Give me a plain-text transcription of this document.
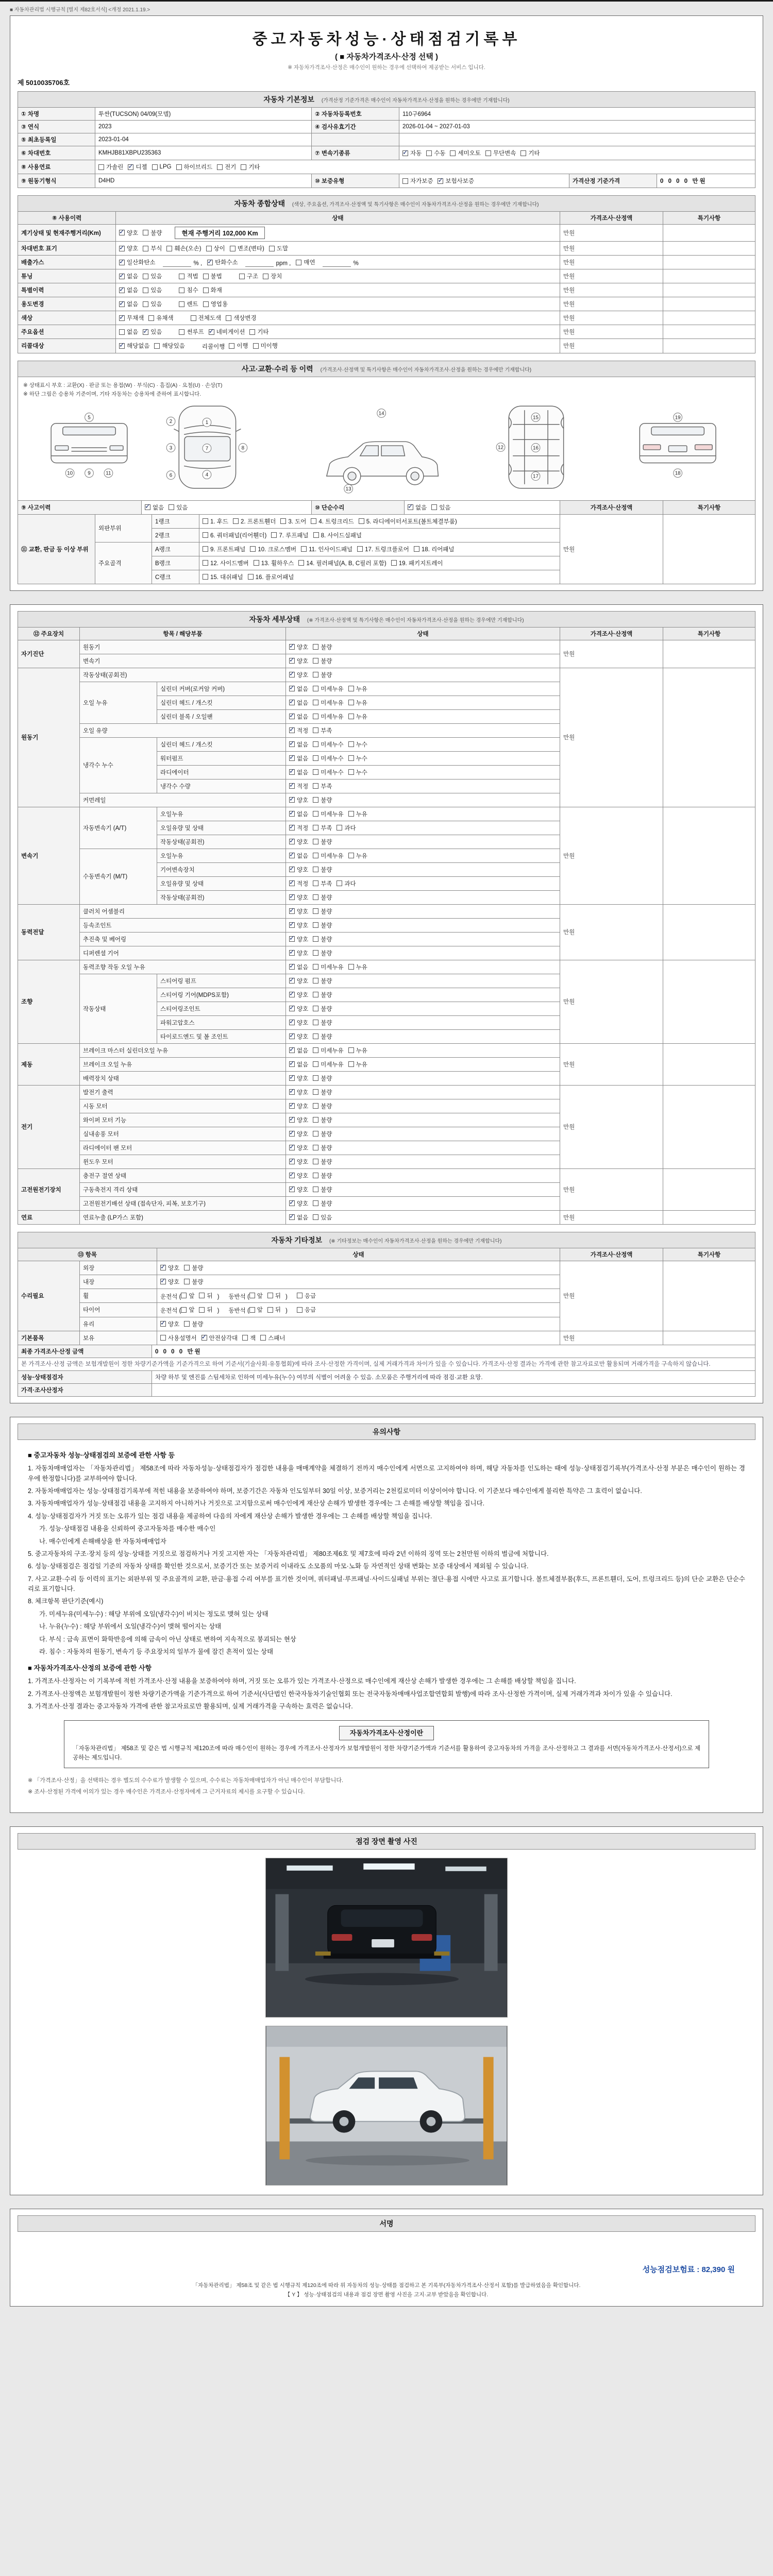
■ 자동차관리법 시행규칙 [별지 제82호서식] <개정 2021.1.19.>
중고자동차성능·상태점검기록부
( ■ 자동차가격조사·산정 선택 )
※ 자동차가격조사·산정은 매수인이 원하는 경우에 선택하여 제공받는 서비스 입니다.
제 5010035706호
자동차 기본정보 (가격산정 기준가격은 매수인이 자동차가격조사·산정을 원하는 경우에만 기재합니다)
① 차명	투싼(TUCSON) 04/09(모델)	② 자동차등록번호	110구6964		
③ 연식	2023	④ 검사유효기간	2026-01-04 ~ 2027-01-03		
⑤ 최초등록일	2023-01-04				
⑥ 차대번호	KMHJB81XBPU235363	⑦ 변속기종류	
✓자동 수동 세미오토 무단변속 기타

⑧ 사용연료	가솔린 ✓ 디젤 LPG 하이브리드 전기 기타

⑨ 원동기형식	D4HD	⑩ 보증유형	자가보증 ✓ 보험사보증	가격산정 기준가격	0 0 0 0 만원
자동차 종합상태 (색상, 주요옵션, 가격조사·산정액 및 특기사항은 매수인이 자동차가격조사·산정을 원하는 경우에만 기재합니다)
⑧ 사용이력	상태	가격조사·산정액	특기사항
계기상태 및 현재주행거리(Km)	
✓양호 불량 현재 주행거리 102,000 Km	만원	
차대번호 표기	
✓양호 부식 훼손(오손) 상이 변조(변타) 도말	만원	
배출가스	
✓일산화탄소	% , ✓ 탄화수소	ppm , 매연	%	만원	
튜닝	
✓없음 있음	적법 불법	구조 장치	만원	
특별이력	
✓없음 있음 침수 화재	만원	
용도변경	
✓없음 있음 렌트 영업용	만원	
색상	
✓무채색 유채색 전체도색 색상변경	만원	
주요옵션	없음 ✓ 있음 썬루프 ✓ 네비게이션 기타	만원	
리콜대상	
✓해당없음 해당있음 리콜이행 이행 미이행	만원	
사고·교환·수리 등 이력 (가격조사·산정액 및 특기사항은 매수인이 자동차가격조사·산정을 원하는 경우에만 기재합니다)
※ 상태표시 부호 : 교환(X) · 판금 또는 용접(W) · 부식(C) · 흠집(A) · 요철(U) · 손상(T)
※ 하단 그림은 승용차 기준이며, 기타 자동차는 승용차에 준하여 표시합니다.
1
2
3
4
5
6
7	8
9
10	11
12
13
14
15
16
17
18
19
⑨ 사고이력	
✓없음 있음	⑩ 단순수리	
✓없음 있음	가격조사·산정액	특기사항
⑪ 교환, 판금 등 이상 부위	외판부위	1랭크	1. 후드 2. 프론트휀더 3. 도어 4. 트렁크리드 5. 라디에이터서포트(볼트체결부품)	만원	
		2랭크	6. 쿼터패널(리어휀더) 7. 루프패널 8. 사이드실패널		

	주요골격	A랭크	9. 프론트패널 10. 크로스멤버 11. 인사이드패널 17. 트렁크플로어 18. 리어패널		

		B랭크	12. 사이드멤버 13. 휠하우스 14. 필러패널(A, B, C필러 포함) 19. 패키지트레이		

		C랭크	15. 대쉬패널 16. 플로어패널		
자동차 세부상태 (※ 가격조사·산정액 및 특기사항은 매수인이 자동차가격조사·산정을 원하는 경우에만 기재합니다)
⑫ 주요장치	항목 / 해당부품		상태	가격조사·산정액	특기사항
자기진단	원동기	
✓양호 불량	만원	
	변속기	
✓양호 불량

원동기	작동상태(공회전)	
✓양호 불량	만원	
	오일 누유	실린더 커버(로커암 커버)	
✓없음 미세누유 누유

		실린더 헤드 / 개스킷	
✓없음 미세누유 누유

		실린더 블록 / 오일팬	
✓없음 미세누유 누유

	오일 유량	
✓적정 부족

	냉각수 누수	실린더 헤드 / 개스킷	
✓없음 미세누수 누수

		워터펌프	
✓없음 미세누수 누수

		라디에이터	
✓없음 미세누수 누수

		냉각수 수량	
✓적정 부족

	커먼레일	
✓양호 불량

변속기	자동변속기 (A/T)	오일누유	
✓없음 미세누유 누유	만원	
		오일유량 및 상태	
✓적정 부족 과다

		작동상태(공회전)	
✓양호 불량

	수동변속기 (M/T)	오일누유	
✓없음 미세누유 누유

		기어변속장치	
✓양호 불량

		오일유량 및 상태	
✓적정 부족 과다

		작동상태(공회전)	
✓양호 불량

동력전달	클러치 어셈블리	
✓양호 불량	만원	
	등속조인트	
✓양호 불량

	추진축 및 베어링	
✓양호 불량

	디퍼렌셜 기어	
✓양호 불량

조향	동력조향 작동 오일 누유	
✓없음 미세누유 누유	만원	
	작동상태	스티어링 펌프	
✓양호 불량

		스티어링 기어(MDPS포함)	
✓양호 불량

		스티어링조인트	
✓양호 불량

		파워고압호스	
✓양호 불량

		타이로드엔드 및 볼 조인트	
✓양호 불량

제동	브레이크 마스터 실린더오일 누유	
✓없음 미세누유 누유	만원	
	브레이크 오일 누유	
✓없음 미세누유 누유

	배력장치 상태	
✓양호 불량

전기	발전기 출력	
✓양호 불량	만원	
	시동 모터	
✓양호 불량

	와이퍼 모터 기능	
✓양호 불량

	실내송풍 모터	
✓양호 불량

	라디에이터 팬 모터	
✓양호 불량

	윈도우 모터	
✓양호 불량

고전원전기장치	충전구 절연 상태	
✓양호 불량	만원	
	구동축전지 격리 상태	
✓양호 불량

	고전원전기배선 상태 (접속단자, 피복, 보호기구)	
✓양호 불량

연료	연료누출 (LP가스 포함)	
✓없음 있음	만원	
자동차 기타정보 (※ 기타정보는 매수인이 자동차가격조사·산정을 원하는 경우에만 기재합니다)
⑬ 항목		상태	가격조사·산정액	특기사항
수리필요	외장	
✓양호 불량	만원	
	내장	
✓양호 불량

휠	운전석 ( 앞 뒤 ) 동반석 ( 앞 뒤 )	응급

타이어	운전석 ( 앞 뒤 ) 동반석 ( 앞 뒤 )	응급

	유리	
✓양호 불량

기본품목	보유	사용설명서 ✓ 안전삼각대 잭 스패너	만원	
최종 가격조사·산정 금액	0 0 0 0 만원
본 가격조사·산정 금액은 보험개발원이 정한 차량기준가액을 기준가격으로 하여 기준서(기술사회·유통협회)에 따라 조사·산정한 가격이며, 실제 거래가격과 차이가 있을 수 있습니다. 가격조사·산정 결과는 가격에 관한 참고자료로만 활용되며 거래가격을 구속하지 않습니다.	
성능·상태점검자	차량 하부 및 엔진룸 스팀세차로 인하여 미세누유(누수) 여부의 식별이 어려울 수 있음. 소모품은 주행거리에 따라 점검·교환 요망.
가격·조사산정자	
유의사항
■ 중고자동차 성능·상태점검의 보증에 관한 사항 등
1. 자동차매매업자는 「자동차관리법」 제58조에 따라 자동차성능·상태점검자가 점검한 내용을 매매계약을 체결하기 전까지 매수인에게 서면으로 고지하여야 하며, 해당 자동차를 인도하는 때에 성능·상태점검기록부(가격조사·산정 부분은 매수인이 원하는 경우에 한정합니다)를 교부하여야 합니다.
2. 자동차매매업자는 성능·상태점검기록부에 적힌 내용을 보증하여야 하며, 보증기간은 자동차 인도일부터 30일 이상, 보증거리는 2천킬로미터 이상이어야 합니다. 이 기준보다 매수인에게 불리한 특약은 그 효력이 없습니다.
3. 자동차매매업자가 성능·상태점검 내용을 고지하지 아니하거나 거짓으로 고지함으로써 매수인에게 재산상 손해가 발생한 경우에는 그 손해를 배상할 책임을 집니다.
4. 성능·상태점검자가 거짓 또는 오류가 있는 점검 내용을 제공하여 다음의 자에게 재산상 손해가 발생한 경우에는 그 손해를 배상할 책임을 집니다.
가. 성능·상태점검 내용을 신뢰하여 중고자동차를 매수한 매수인
나. 매수인에게 손해배상을 한 자동차매매업자
5. 중고자동차의 구조·장치 등의 성능·상태를 거짓으로 점검하거나 거짓 고지한 자는 「자동차관리법」 제80조제6호 및 제7호에 따라 2년 이하의 징역 또는 2천만원 이하의 벌금에 처합니다.
6. 성능·상태점검은 점검일 기준의 자동차 상태를 확인한 것으로서, 보증기간 또는 보증거리 이내라도 소모품의 마모·노화 등 자연적인 상태 변화는 보증 대상에서 제외될 수 있습니다.
7. 사고·교환·수리 등 이력의 표기는 외판부위 및 주요골격의 교환, 판금·용접 수리 여부를 표기한 것이며, 쿼터패널·루프패널·사이드실패널 부위는 절단·용접 시에만 사고로 표기합니다. 볼트체결부품(후드, 프론트휀더, 도어, 트렁크리드 등)의 단순 교환은 단순수리로 표기합니다.
8. 체크항목 판단기준(예시)
가. 미세누유(미세누수) : 해당 부위에 오일(냉각수)이 비치는 정도로 맺혀 있는 상태
나. 누유(누수) : 해당 부위에서 오일(냉각수)이 맺혀 떨어지는 상태
다. 부식 : 금속 표면이 화학반응에 의해 금속이 아닌 상태로 변하여 지속적으로 붕괴되는 현상
라. 침수 : 자동차의 원동기, 변속기 등 주요장치의 일부가 물에 잠긴 흔적이 있는 상태
■ 자동차가격조사·산정의 보증에 관한 사항
1. 가격조사·산정자는 이 기록부에 적힌 가격조사·산정 내용을 보증하여야 하며, 거짓 또는 오류가 있는 가격조사·산정으로 매수인에게 재산상 손해가 발생한 경우에는 그 손해를 배상할 책임을 집니다.
2. 가격조사·산정액은 보험개발원이 정한 차량기준가액을 기준가격으로 하여 기준서(사단법인 한국자동차기술인협회 또는 전국자동차매매사업조합연합회 발행)에 따라 조사·산정한 가격이며, 실제 거래가격과 차이가 있을 수 있습니다.
3. 가격조사·산정 결과는 중고자동차 가격에 관한 참고자료로만 활용되며, 실제 거래가격을 구속하는 효력은 없습니다.
자동차가격조사·산정이란
「자동차관리법」 제58조 및 같은 법 시행규칙 제120조에 따라 매수인이 원하는 경우에 가격조사·산정자가 보험개발원이 정한 차량기준가액과 기준서를 활용하여 중고자동차의 가격을 조사·산정하고 그 결과를 서면(자동차가격조사·산정서)으로 제공하는 제도입니다.
※ 「가격조사·산정」을 선택하는 경우 별도의 수수료가 발생할 수 있으며, 수수료는 자동차매매업자가 아닌 매수인이 부담합니다.
※ 조사·산정된 가격에 이의가 있는 경우 매수인은 가격조사·산정자에게 그 근거자료의 제시를 요구할 수 있습니다.
점검 장면 촬영 사진
서명
성능점검보험료 : 82,390 원
「자동차관리법」 제58조 및 같은 법 시행규칙 제120조에 따라 위 자동차의 성능·상태를 점검하고 본 기록부(자동차가격조사·산정서 포함)를 발급하였음을 확인합니다.
【 Y 】 성능·상태점검의 내용과 점검 장면 촬영 사진을 고지·교부 받았음을 확인합니다.
